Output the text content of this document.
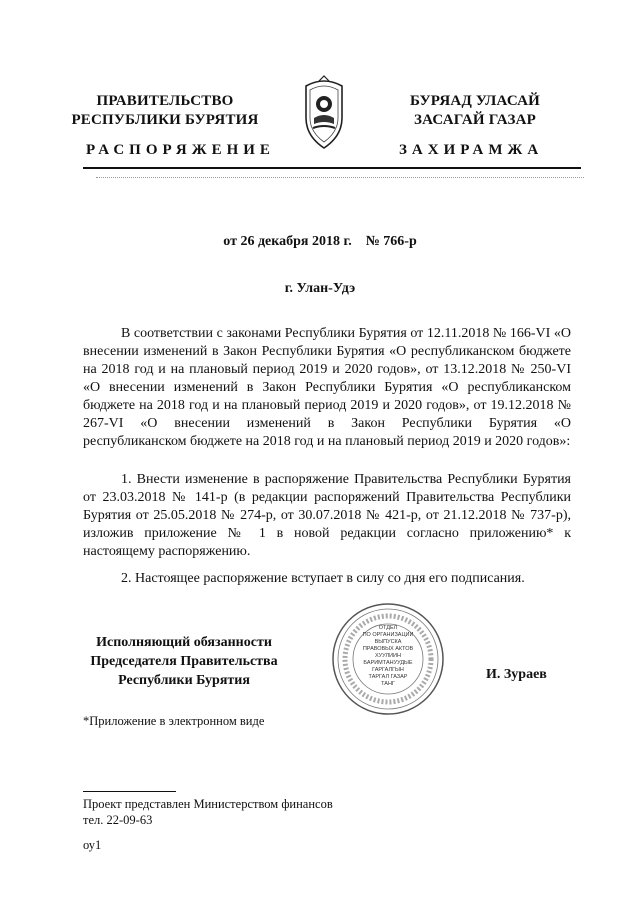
ПРАВИТЕЛЬСТВО
РЕСПУБЛИКИ БУРЯТИЯ
БУРЯАД УЛАСАЙ
ЗАСАГАЙ ГАЗАР
РАСПОРЯЖЕНИЕ	ЗАХИРАМЖА
от 26 декабря 2018 г.    № 766-р
г. Улан-Удэ
В соответствии с законами Республики Бурятия от 12.11.2018 № 166-VI «О внесении изменений в Закон Республики Бурятия «О республиканском бюджете на 2018 год и на плановый период 2019 и 2020 годов», от 13.12.2018 № 250-VI «О внесении изменений в Закон Республики Бурятия «О республиканском бюджете на 2018 год и на плановый период 2019 и 2020 годов», от 19.12.2018 № 267-VI «О внесении изменений в Закон Республики Бурятия «О республиканском бюджете на 2018 год и на плановый период 2019 и 2020 годов»:
1. Внести изменение в распоряжение Правительства Республики Бурятия от 23.03.2018 № 141-р (в редакции распоряжений Правительства Республики Бурятия от 25.05.2018 № 274-р, от 30.07.2018 № 421-р, от 21.12.2018 № 737-р), изложив приложение № 1 в новой редакции согласно приложению* к настоящему распоряжению.
2. Настоящее распоряжение вступает в силу со дня его подписания.
Исполняющий обязанности
Председателя Правительства
Республики Бурятия
ОТДЕЛ
ПО ОРГАНИЗАЦИИ
ВЫПУСКА
ПРАВОВЫХ АКТОВ
ХУУЛИИН
БАРИМТАНУУДЫЕ
ГАРГАЛГЫН
ТАРГАЛ ГАЗАР
ТАНГ
И. Зураев
*Приложение в электронном виде
Проект представлен Министерством финансов
тел. 22-09-63
оу1
